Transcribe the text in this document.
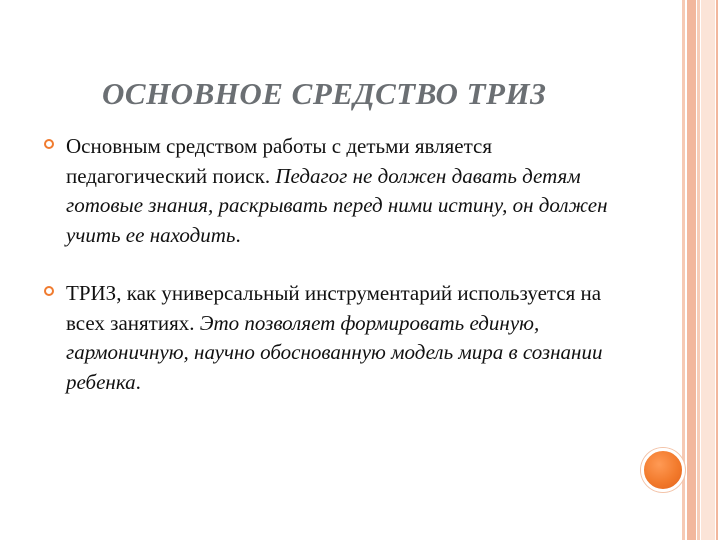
ОСНОВНОЕ СРЕДСТВО ТРИЗ
Основным средством работы с детьми является педагогический поиск. Педагог не должен давать детям готовые знания, раскрывать перед ними истину, он должен учить ее находить.
ТРИЗ, как универсальный инструментарий используется на всех занятиях. Это позволяет формировать единую, гармоничную, научно обоснованную модель мира в сознании ребенка.
